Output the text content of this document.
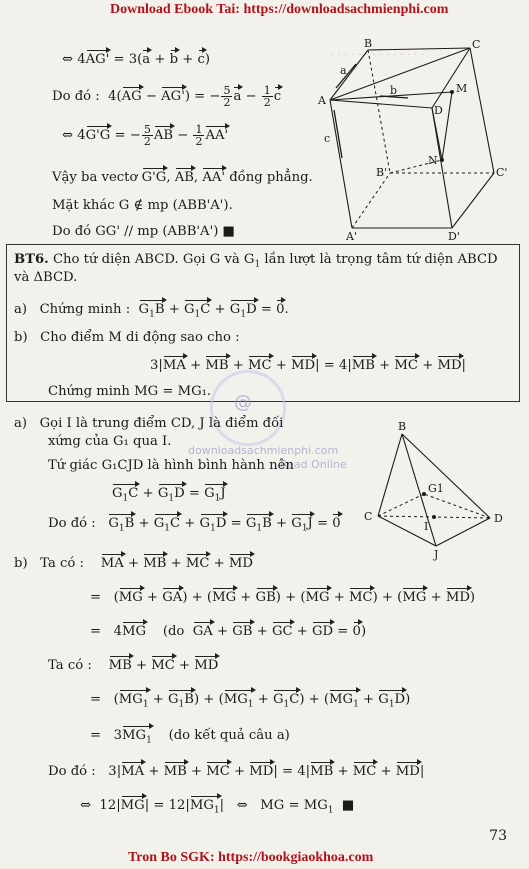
Download Ebook Tai: https://downloadsachmienphi.com
· · · · · · · · · · · · · ·
⇔ 4AG' = 3(a + b + c)
Do đó :  4(AG − AG') = − $\frac{5}{2}$ $a - \frac{1}{2}$ c
⇔ 4G'G = − $\frac{5}{2}$ AB − $\frac{1}{2} AA'$
Vậy ba vectơ G'G, AB, AA' đồng phẳng.
Mặt khác G ∉ mp (ABB'A').
Do đó GG' // mp (ABB'A') ■
A
B	C
D
M
N
A'
B'	C'
D'
a
b
c
BT6. Cho tứ diện ABCD. Gọi G và $G_1$ lần lượt là trọng tâm tứ diện ABCD
và ΔBCD.
a) Chứng minh : $G_1B + G_1C + G_1D = 0$.
b) Cho điểm M di động sao cho :
3|MA + MB + MC + MD| = 4|MB + MC + MD|
Chứng minh MG = MG₁.
@
downloadsachmienphi.com
Read Online
a) Gọi I là trung điểm CD, J là điểm đối
xứng của G₁ qua I.
Tứ giác G₁CJD là hình bình hành nên
$G_1C + G_1D = G_1J$
Do đó : $G_1B + G_1C + G_1D = G_1B + G_1J = 0$
B
C	D
G1
I
J
b) Ta có : MA + MB + MC + MD
=   (MG + GA) + (MG + GB) + (MG + MC) + (MG + MD)
=   4MG    (do  GA + GB + GC + GD = 0)
Ta có : MB + MC + MD
=   $(MG_1 + G_1B) + (MG_1 + G_1C) + (MG_1 + G_1D)$
=   $3MG_1$    (do kết quả câu a)
Do đó :   3|MA + MB + MC + MD| = 4|MB + MC + MD|
⇔  $12|MG| = 12|MG_1|$   ⇔   MG = $MG_1$  ■
73
Tron Bo SGK: https://bookgiaokhoa.com
